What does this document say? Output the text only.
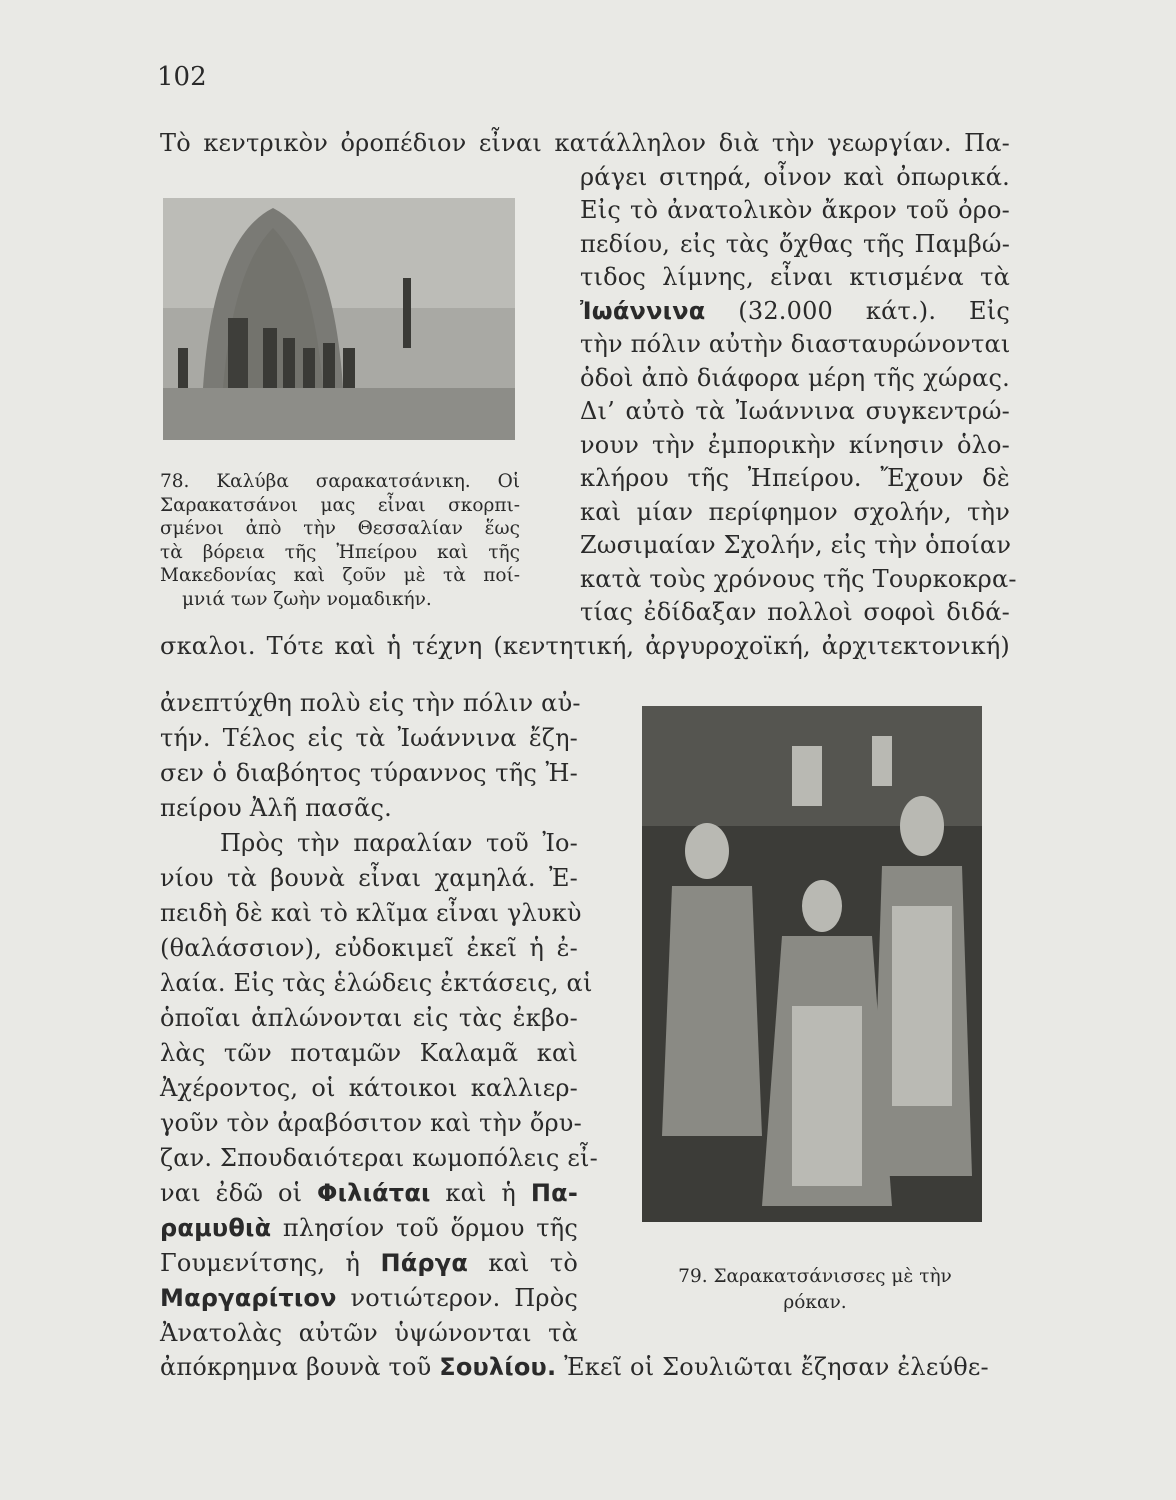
102
Τὸ κεντρικὸν ὀροπέδιον εἶναι κατάλληλον διὰ τὴν γεωργίαν. Πα-
ράγει σιτηρά, οἶνον καὶ ὀπωρικά.
Εἰς τὸ ἀνατολικὸν ἄκρον τοῦ ὀρο-
πεδίου, εἰς τὰς ὄχθας τῆς Παμβώ-
τιδος λίμνης, εἶναι κτισμένα τὰ
Ἰωάννινα (32.000 κάτ.). Εἰς
τὴν πόλιν αὐτὴν διασταυρώνονται
ὁδοὶ ἀπὸ διάφορα μέρη τῆς χώρας.
Δι’ αὐτὸ τὰ Ἰωάννινα συγκεντρώ-
νουν τὴν ἐμπορικὴν κίνησιν ὁλο-
κλήρου τῆς Ἠπείρου. Ἔχουν δὲ
καὶ μίαν περίφημον σχολήν, τὴν
Ζωσιμαίαν Σχολήν, εἰς τὴν ὁποίαν
κατὰ τοὺς χρόνους τῆς Τουρκοκρα-
τίας ἐδίδαξαν πολλοὶ σοφοὶ διδά-
σκαλοι. Τότε καὶ ἡ τέχνη (κεντητική, ἀργυροχοϊκή, ἀρχιτεκτονική)
ἀνεπτύχθη πολὺ εἰς τὴν πόλιν αὐ-
τήν. Τέλος εἰς τὰ Ἰωάννινα ἔζη-
σεν ὁ διαβόητος τύραννος τῆς Ἠ-
πείρου Ἀλῆ πασᾶς.
Πρὸς τὴν παραλίαν τοῦ Ἰο-
νίου τὰ βουνὰ εἶναι χαμηλά. Ἐ-
πειδὴ δὲ καὶ τὸ κλῖμα εἶναι γλυκὺ
(θαλάσσιον), εὐδοκιμεῖ ἐκεῖ ἡ ἐ-
λαία. Εἰς τὰς ἑλώδεις ἐκτάσεις, αἱ
ὁποῖαι ἁπλώνονται εἰς τὰς ἐκβο-
λὰς τῶν ποταμῶν Καλαμᾶ καὶ
Ἀχέροντος, οἱ κάτοικοι καλλιερ-
γοῦν τὸν ἀραβόσιτον καὶ τὴν ὄρυ-
ζαν. Σπουδαιότεραι κωμοπόλεις εἶ-
ναι ἐδῶ οἱ Φιλιάται καὶ ἡ Πα-
ραμυθιὰ πλησίον τοῦ ὅρμου τῆς
Γουμενίτσης, ἡ Πάργα καὶ τὸ
Μαργαρίτιον νοτιώτερον. Πρὸς
Ἀνατολὰς αὐτῶν ὑψώνονται τὰ
ἀπόκρημνα βουνὰ τοῦ Σουλίου. Ἐκεῖ οἱ Σουλιῶται ἔζησαν ἐλεύθε-
78. Καλύβα σαρακατσάνικη. Οἱ
Σαρακατσάνοι μας εἶναι σκορπι-
σμένοι ἀπὸ τὴν Θεσσαλίαν ἕως
τὰ βόρεια τῆς Ἠπείρου καὶ τῆς
Μακεδονίας καὶ ζοῦν μὲ τὰ ποί-
μνιά των ζωὴν νομαδικήν.
79. Σαρακατσάνισσες μὲ τὴν
ρόκαν.
